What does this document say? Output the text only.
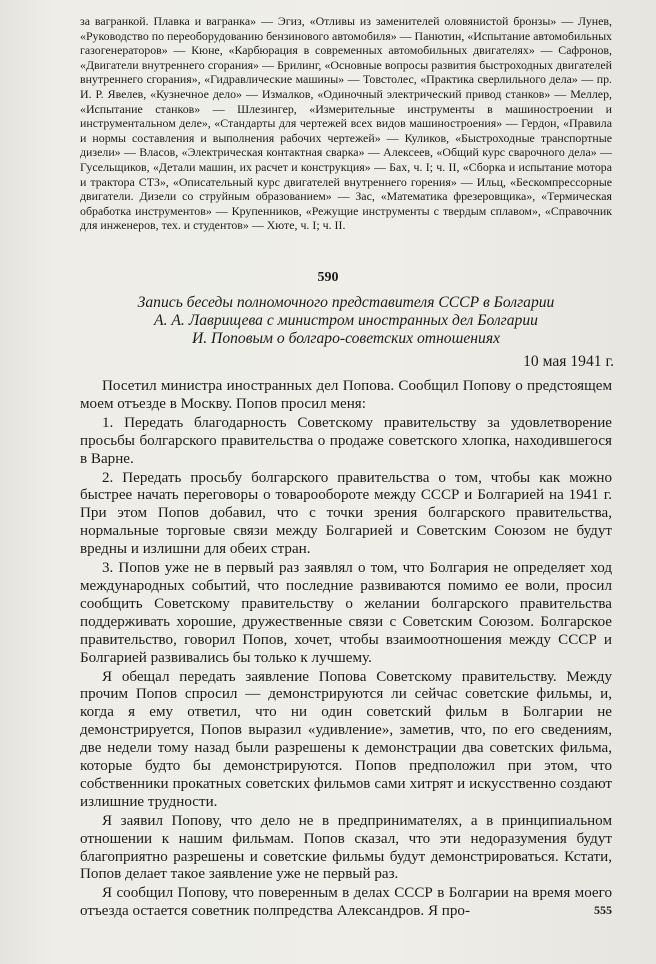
за вагранкой. Плавка и вагранка» — Эгиз, «Отливы из заменителей оловянистой бронзы» — Лунев, «Руководство по переоборудованию бензинового автомобиля» — Панютин, «Испытание автомобильных газогенераторов» — Кюне, «Карбюрация в современных автомобильных двигателях» — Сафронов, «Двигатели внутреннего сгорания» — Брилинг, «Основные вопросы развития быстроходных двигателей внутреннего сгорания», «Гидравлические машины» — Товстолес, «Практика сверлильного дела» — пр. И. Р. Явелев, «Кузнечное дело» — Измалков, «Одиночный электрический привод станков» — Меллер, «Испытание станков» — Шлезингер, «Измерительные инструменты в машиностроении и инструментальном деле», «Стандарты для чертежей всех видов машиностроения» — Гердон, «Правила и нормы составления и выполнения рабочих чертежей» — Куликов, «Быстроходные транспортные дизели» — Власов, «Электрическая контактная сварка» — Алексеев, «Общий курс сварочного дела» — Гусельщиков, «Детали машин, их расчет и конструкция» — Бах, ч. I; ч. II, «Сборка и испытание мотора и трактора СТЗ», «Описательный курс двигателей внутреннего горения» — Ильц, «Бескомпрессорные двигатели. Дизели со струйным образованием» — Зас, «Математика фрезеровщика», «Термическая обработка инструментов» — Крупенников, «Режущие инструменты с твердым сплавом», «Справочник для инженеров, тех. и студентов» — Хюте, ч. I; ч. II.

590
Запись беседы полномочного представителя СССР в Болгарии
А. А. Лаврищева с министром иностранных дел Болгарии
И. Поповым о болгаро-советских отношениях
10 мая 1941 г.

Посетил министра иностранных дел Попова. Сообщил Попову о предстоящем моем отъезде в Москву. Попов просил меня:

1. Передать благодарность Советскому правительству за удовлетворение просьбы болгарского правительства о продаже советского хлопка, находившегося в Варне.

2. Передать просьбу болгарского правительства о том, чтобы как можно быстрее начать переговоры о товарообороте между СССР и Болгарией на 1941 г. При этом Попов добавил, что с точки зрения болгарского правительства, нормальные торговые связи между Болгарией и Советским Союзом не будут вредны и излишни для обеих стран.

3. Попов уже не в первый раз заявлял о том, что Болгария не определяет ход международных событий, что последние развиваются помимо ее воли, просил сообщить Советскому правительству о желании болгарского правительства поддерживать хорошие, дружественные связи с Советским Союзом. Болгарское правительство, говорил Попов, хочет, чтобы взаимоотношения между СССР и Болгарией развивались бы только к лучшему.

Я обещал передать заявление Попова Советскому правительству. Между прочим Попов спросил — демонстрируются ли сейчас советские фильмы, и, когда я ему ответил, что ни один советский фильм в Болгарии не демонстрируется, Попов выразил «удивление», заметив, что, по его сведениям, две недели тому назад были разрешены к демонстрации два советских фильма, которые будто бы демонстрируются. Попов предположил при этом, что собственники прокатных советских фильмов сами хитрят и искусственно создают излишние трудности.

Я заявил Попову, что дело не в предпринимателях, а в принципиальном отношении к нашим фильмам. Попов сказал, что эти недоразумения будут благоприятно разрешены и советские фильмы будут демонстрироваться. Кстати, Попов делает такое заявление уже не первый раз.

Я сообщил Попову, что поверенным в делах СССР в Болгарии на время моего отъезда остается советник полпредства Александров. Я про-	555
